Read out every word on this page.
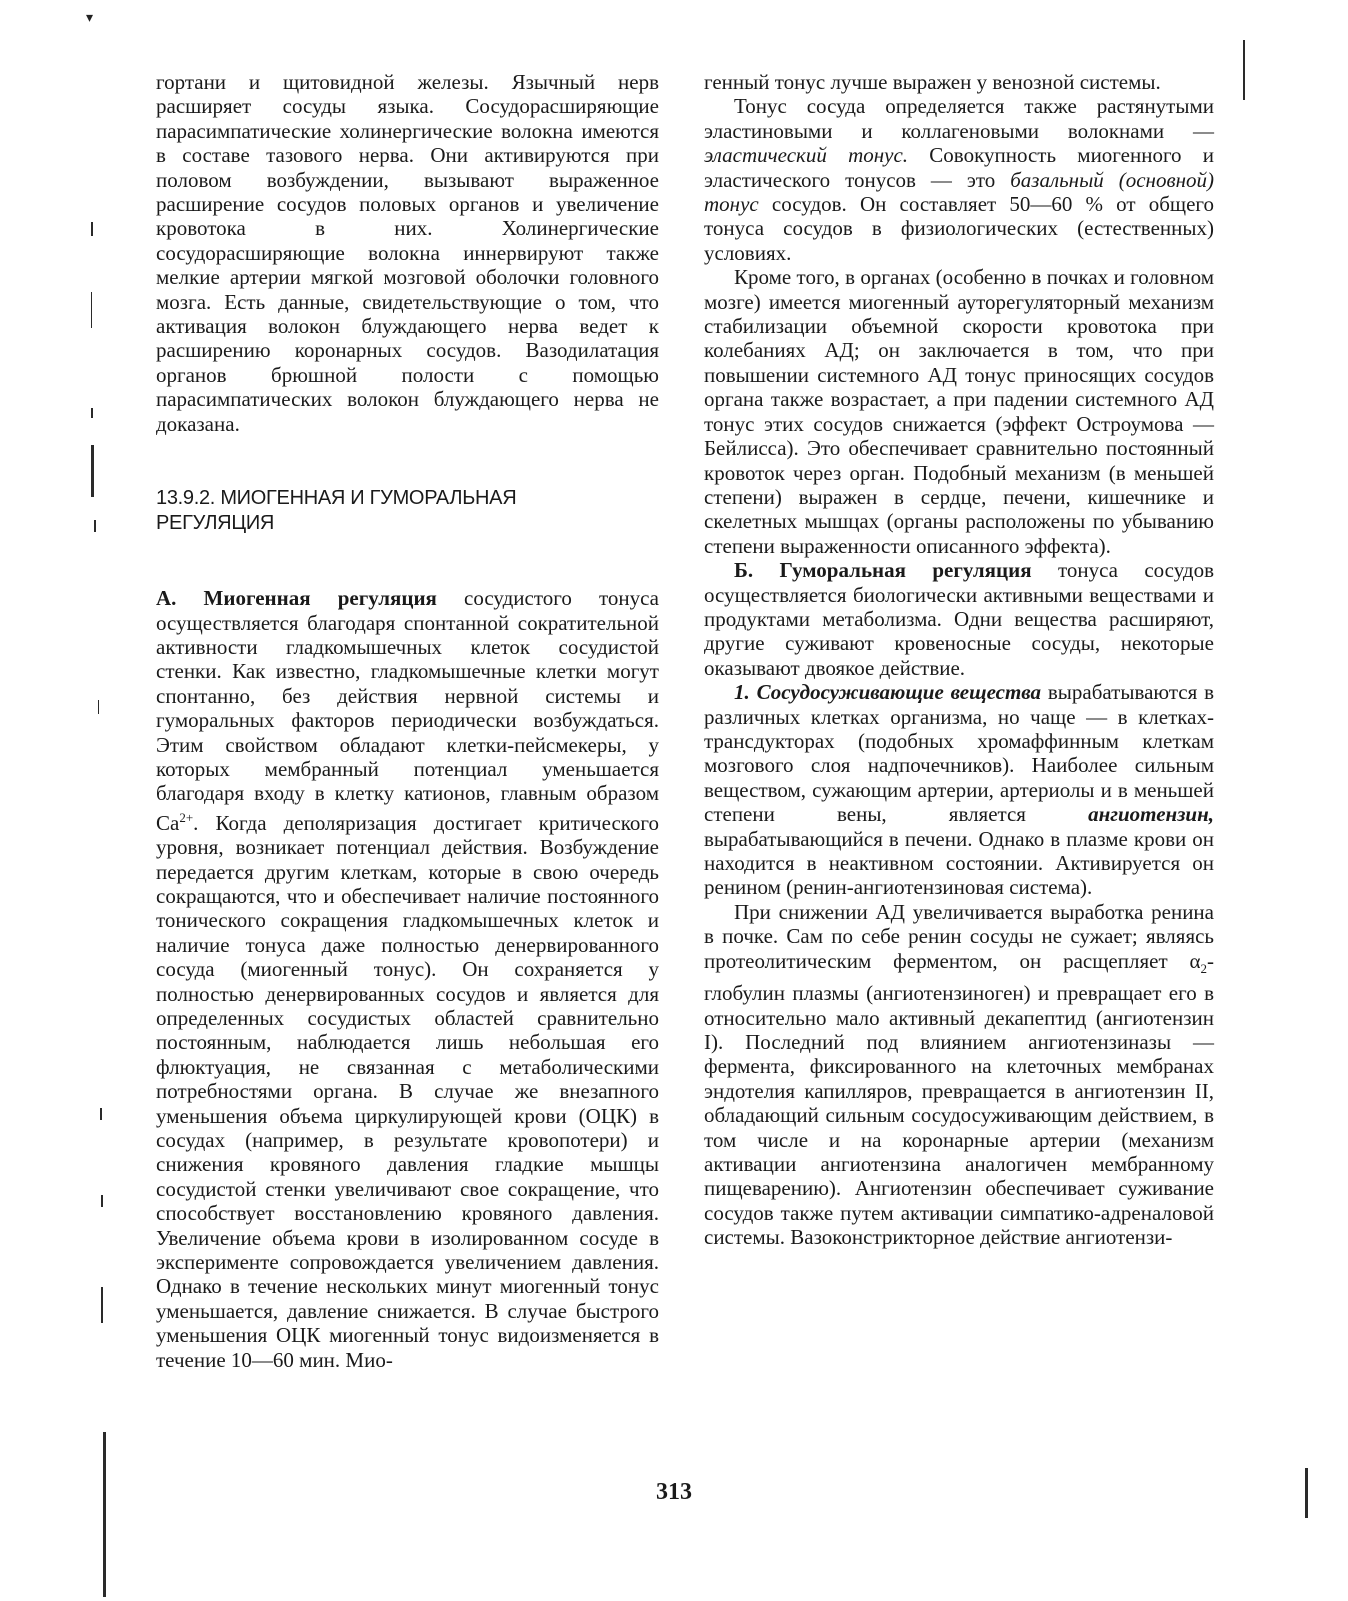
▾

гортани и щитовидной железы. Язычный нерв расширяет сосуды языка. Сосудорасширяющие парасимпатические холинергические волокна имеются в составе тазового нерва. Они активируются при половом возбуждении, вызывают выраженное расширение сосудов половых органов и увеличение кровотока в них. Холинергические сосудорасширяющие волокна иннервируют также мелкие артерии мягкой мозговой оболочки головного мозга. Есть данные, свидетельствующие о том, что активация волокон блуждающего нерва ведет к расширению коронарных сосудов. Вазодилатация органов брюшной полости с помощью парасимпатических волокон блуждающего нерва не доказана.

13.9.2. МИОГЕННАЯ И ГУМОРАЛЬНАЯ
РЕГУЛЯЦИЯ

А. Миогенная регуляция сосудистого тонуса осуществляется благодаря спонтанной сократительной активности гладкомышечных клеток сосудистой стенки. Как известно, гладкомышечные клетки могут спонтанно, без действия нервной системы и гуморальных факторов периодически возбуждаться. Этим свойством обладают клетки-пейсмекеры, у которых мембранный потенциал уменьшается благодаря входу в клетку катионов, главным образом $Ca^{2+}$. Когда деполяризация достигает критического уровня, возникает потенциал действия. Возбуждение передается другим клеткам, которые в свою очередь сокращаются, что и обеспечивает наличие постоянного тонического сокращения гладкомышечных клеток и наличие тонуса даже полностью денервированного сосуда (миогенный тонус). Он сохраняется у полностью денервированных сосудов и является для определенных сосудистых областей сравнительно постоянным, наблюдается лишь небольшая его флюктуация, не связанная с метаболическими потребностями органа. В случае же внезапного уменьшения объема циркулирующей крови (ОЦК) в сосудах (например, в результате кровопотери) и снижения кровяного давления гладкие мышцы сосудистой стенки увеличивают свое сокращение, что способствует восстановлению кровяного давления. Увеличение объема крови в изолированном сосуде в эксперименте сопровождается увеличением давления. Однако в течение нескольких минут миогенный тонус уменьшается, давление снижается. В случае быстрого уменьшения ОЦК миогенный тонус видоизменяется в течение 10—60 мин. Мио-

генный тонус лучше выражен у венозной системы.

Тонус сосуда определяется также растянутыми эластиновыми и коллагеновыми волокнами — эластический тонус. Совокупность миогенного и эластического тонусов — это базальный (основной) тонус сосудов. Он составляет 50—60 % от общего тонуса сосудов в физиологических (естественных) условиях.

Кроме того, в органах (особенно в почках и головном мозге) имеется миогенный ауторегуляторный механизм стабилизации объемной скорости кровотока при колебаниях АД; он заключается в том, что при повышении системного АД тонус приносящих сосудов органа также возрастает, а при падении системного АД тонус этих сосудов снижается (эффект Остроумова — Бейлисса). Это обеспечивает сравнительно постоянный кровоток через орган. Подобный механизм (в меньшей степени) выражен в сердце, печени, кишечнике и скелетных мышцах (органы расположены по убыванию степени выраженности описанного эффекта).

Б. Гуморальная регуляция тонуса сосудов осуществляется биологически активными веществами и продуктами метаболизма. Одни вещества расширяют, другие суживают кровеносные сосуды, некоторые оказывают двоякое действие.

1. Сосудосуживающие вещества вырабатываются в различных клетках организма, но чаще — в клетках-трансдукторах (подобных хромаффинным клеткам мозгового слоя надпочечников). Наиболее сильным веществом, сужающим артерии, артериолы и в меньшей степени вены, является ангиотензин, вырабатывающийся в печени. Однако в плазме крови он находится в неактивном состоянии. Активируется он ренином (ренин-ангиотензиновая система).

При снижении АД увеличивается выработка ренина в почке. Сам по себе ренин сосуды не сужает; являясь протеолитическим ферментом, он расщепляет $\alpha_2$-глобулин плазмы (ангиотензиноген) и превращает его в относительно мало активный декапептид (ангиотензин I). Последний под влиянием ангиотензиназы — фермента, фиксированного на клеточных мембранах эндотелия капилляров, превращается в ангиотензин II, обладающий сильным сосудосуживающим действием, в том числе и на коронарные артерии (механизм активации ангиотензина аналогичен мембранному пищеварению). Ангиотензин обеспечивает суживание сосудов также путем активации симпатико-адреналовой системы. Вазоконстрикторное действие ангиотензи-

313
